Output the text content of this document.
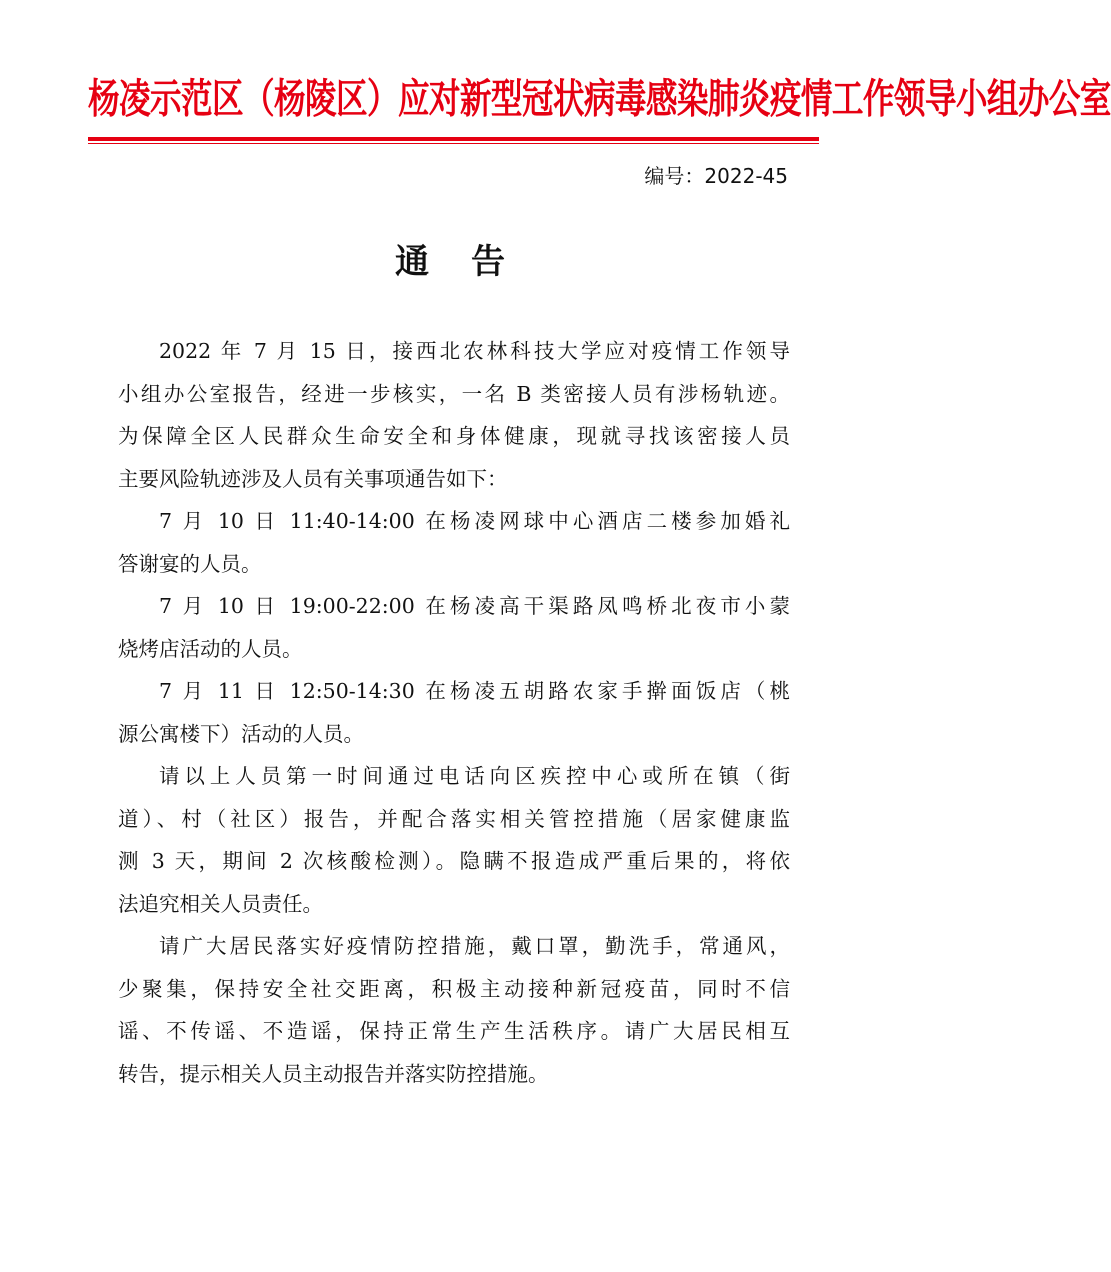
杨凌示范区（杨陵区）应对新型冠状病毒感染肺炎疫情工作领导小组办公室
编号：2022-45
通告
2022 年 7 月 15 日，接西北农林科技大学应对疫情工作领导
小组办公室报告，经进一步核实，一名 B 类密接人员有涉杨轨迹。
为保障全区人民群众生命安全和身体健康，现就寻找该密接人员
主要风险轨迹涉及人员有关事项通告如下：
7 月 10 日 11:40-14:00 在杨凌网球中心酒店二楼参加婚礼
答谢宴的人员。
7 月 10 日 19:00-22:00 在杨凌高干渠路凤鸣桥北夜市小蒙
烧烤店活动的人员。
7 月 11 日 12:50-14:30 在杨凌五胡路农家手擀面饭店（桃
源公寓楼下）活动的人员。
请以上人员第一时间通过电话向区疾控中心或所在镇（街
道）、村（社区）报告，并配合落实相关管控措施（居家健康监
测 3 天，期间 2 次核酸检测）。隐瞒不报造成严重后果的，将依
法追究相关人员责任。
请广大居民落实好疫情防控措施，戴口罩，勤洗手，常通风，
少聚集，保持安全社交距离，积极主动接种新冠疫苗，同时不信
谣、不传谣、不造谣，保持正常生产生活秩序。请广大居民相互
转告，提示相关人员主动报告并落实防控措施。
